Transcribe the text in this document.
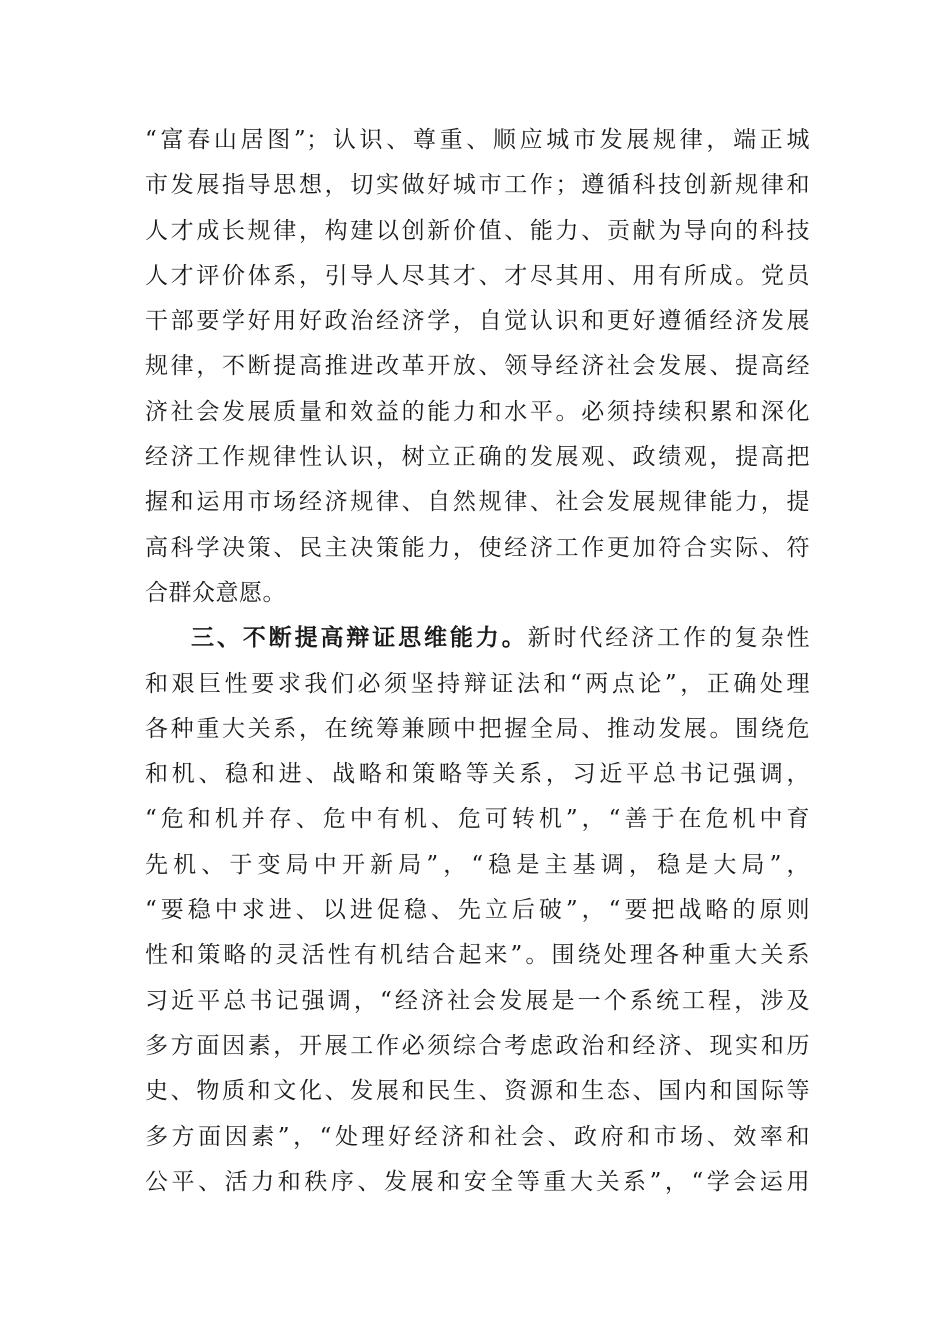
“富春山居图”；认识、尊重、顺应城市发展规律，端正城
市发展指导思想，切实做好城市工作；遵循科技创新规律和
人才成长规律，构建以创新价值、能力、贡献为导向的科技
人才评价体系，引导人尽其才、才尽其用、用有所成。党员
干部要学好用好政治经济学，自觉认识和更好遵循经济发展
规律，不断提高推进改革开放、领导经济社会发展、提高经
济社会发展质量和效益的能力和水平。必须持续积累和深化
经济工作规律性认识，树立正确的发展观、政绩观，提高把
握和运用市场经济规律、自然规律、社会发展规律能力，提
高科学决策、民主决策能力，使经济工作更加符合实际、符
合群众意愿。
三、不断提高辩证思维能力。新时代经济工作的复杂性
和艰巨性要求我们必须坚持辩证法和“两点论”，正确处理
各种重大关系，在统筹兼顾中把握全局、推动发展。围绕危
和机、稳和进、战略和策略等关系，习近平总书记强调，
“危和机并存、危中有机、危可转机”，“善于在危机中育
先机、于变局中开新局”，“稳是主基调，稳是大局”，
“要稳中求进、以进促稳、先立后破”，“要把战略的原则
性和策略的灵活性有机结合起来”。围绕处理各种重大关系
习近平总书记强调，“经济社会发展是一个系统工程，涉及
多方面因素，开展工作必须综合考虑政治和经济、现实和历
史、物质和文化、发展和民生、资源和生态、国内和国际等
多方面因素”，“处理好经济和社会、政府和市场、效率和
公平、活力和秩序、发展和安全等重大关系”，“学会运用
